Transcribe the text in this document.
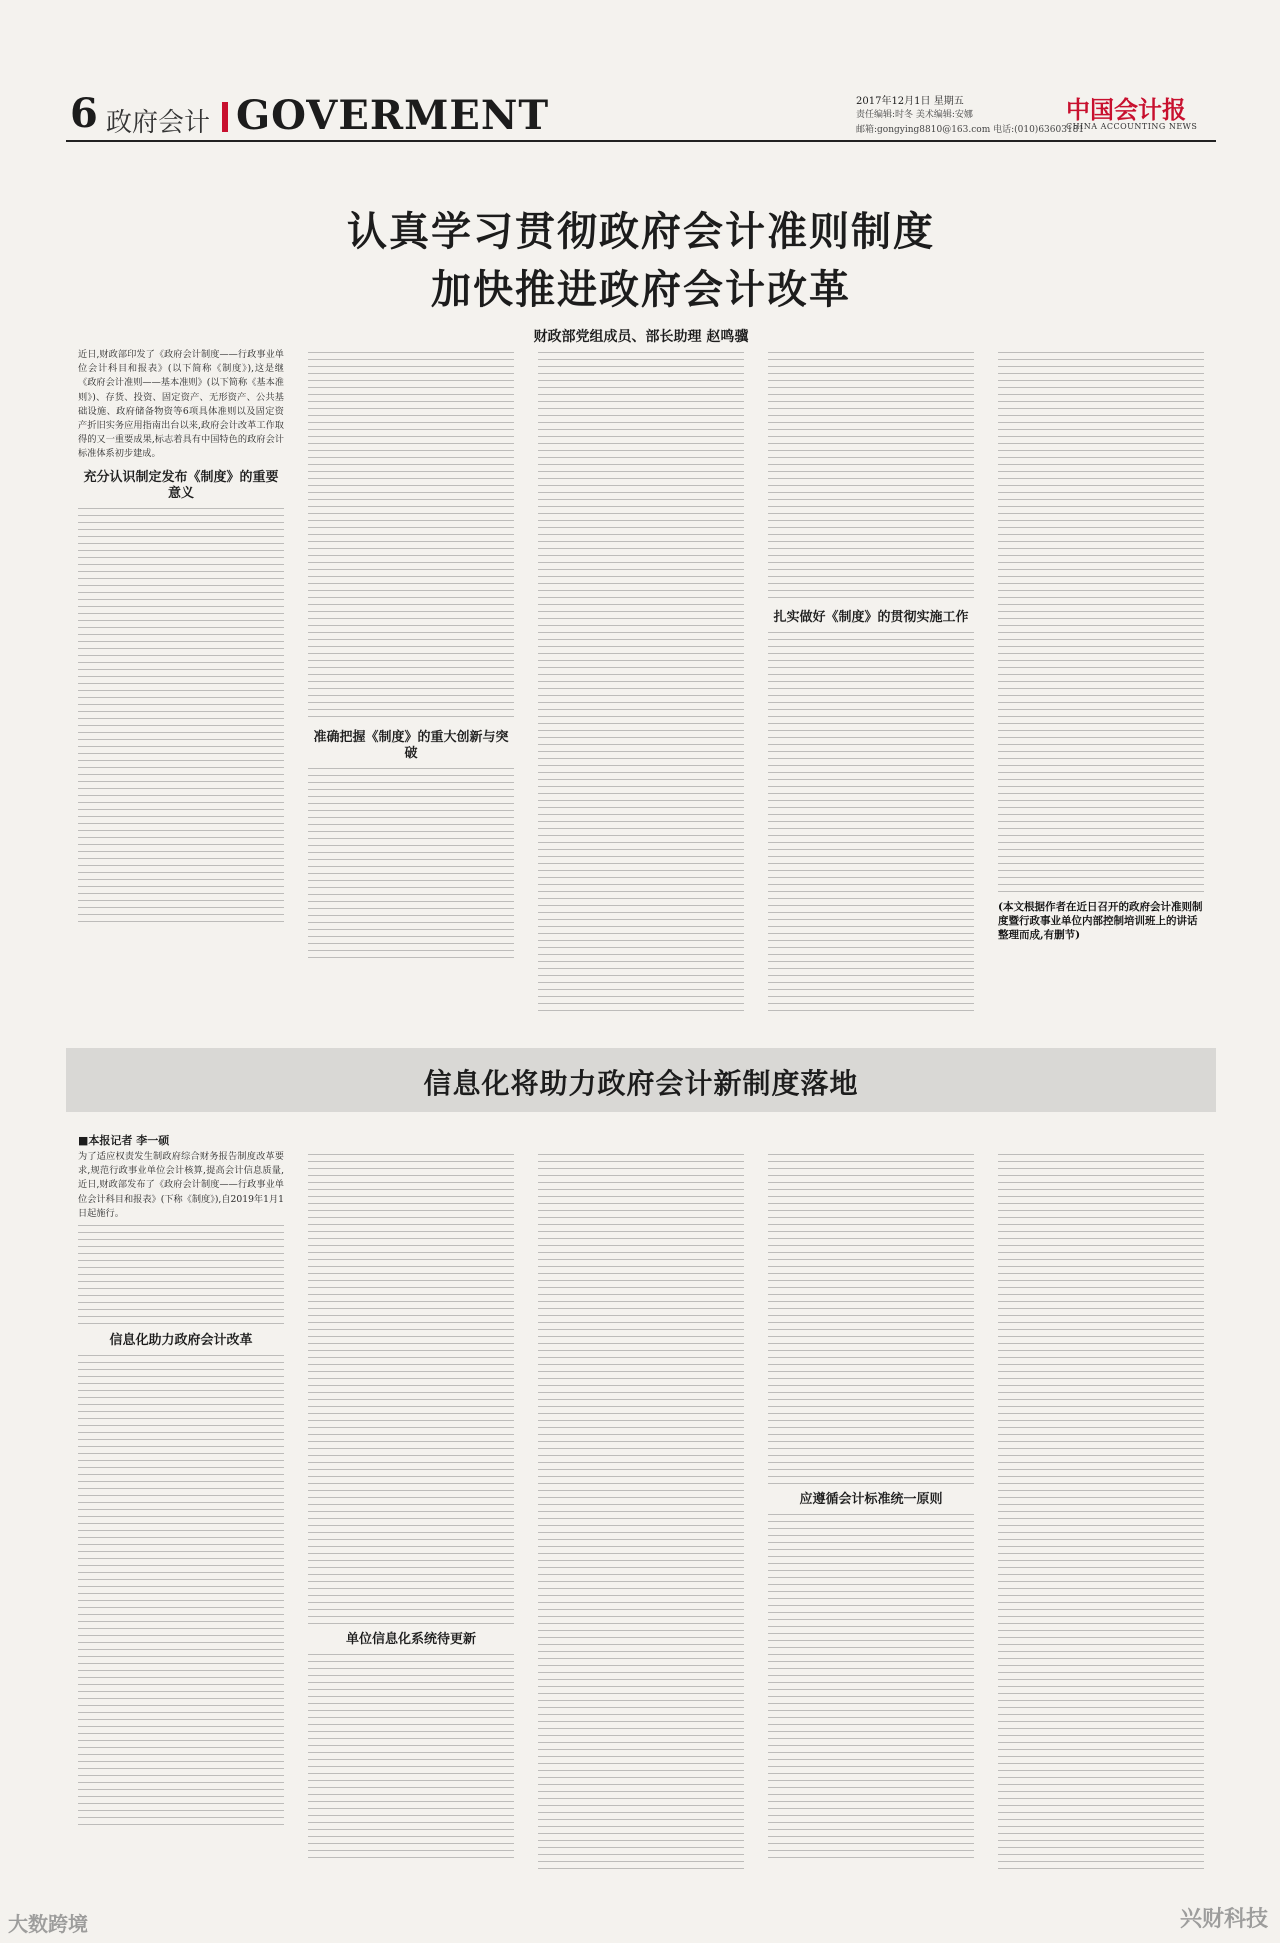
6 政府会计 GOVERMENT	2017年12月1日 星期五
责任编辑:时冬 美术编辑:安娜
邮箱:gongying8810@163.com 电话:(010)63603181
中国会计报
CHINA ACCOUNTING NEWS
认真学习贯彻政府会计准则制度
加快推进政府会计改革
财政部党组成员、部长助理 赵鸣骥

近日,财政部印发了《政府会计制度——行政事业单位会计科目和报表》(以下简称《制度》),这是继《政府会计准则——基本准则》(以下简称《基本准则》)、存货、投资、固定资产、无形资产、公共基础设施、政府储备物资等6项具体准则以及固定资产折旧实务应用指南出台以来,政府会计改革工作取得的又一重要成果,标志着具有中国特色的政府会计标准体系初步建成。

充分认识制定发布《制度》的重要意义
准确把握《制度》的重大创新与突破
扎实做好《制度》的贯彻实施工作
(本文根据作者在近日召开的政府会计准则制度暨行政事业单位内部控制培训班上的讲话整理而成,有删节)
信息化将助力政府会计新制度落地
■本报记者 李一硕

为了适应权责发生制政府综合财务报告制度改革要求,规范行政事业单位会计核算,提高会计信息质量,近日,财政部发布了《政府会计制度——行政事业单位会计科目和报表》(下称《制度》),自2019年1月1日起施行。

信息化助力政府会计改革
单位信息化系统待更新
应遵循会计标准统一原则
大数跨境	兴财科技
